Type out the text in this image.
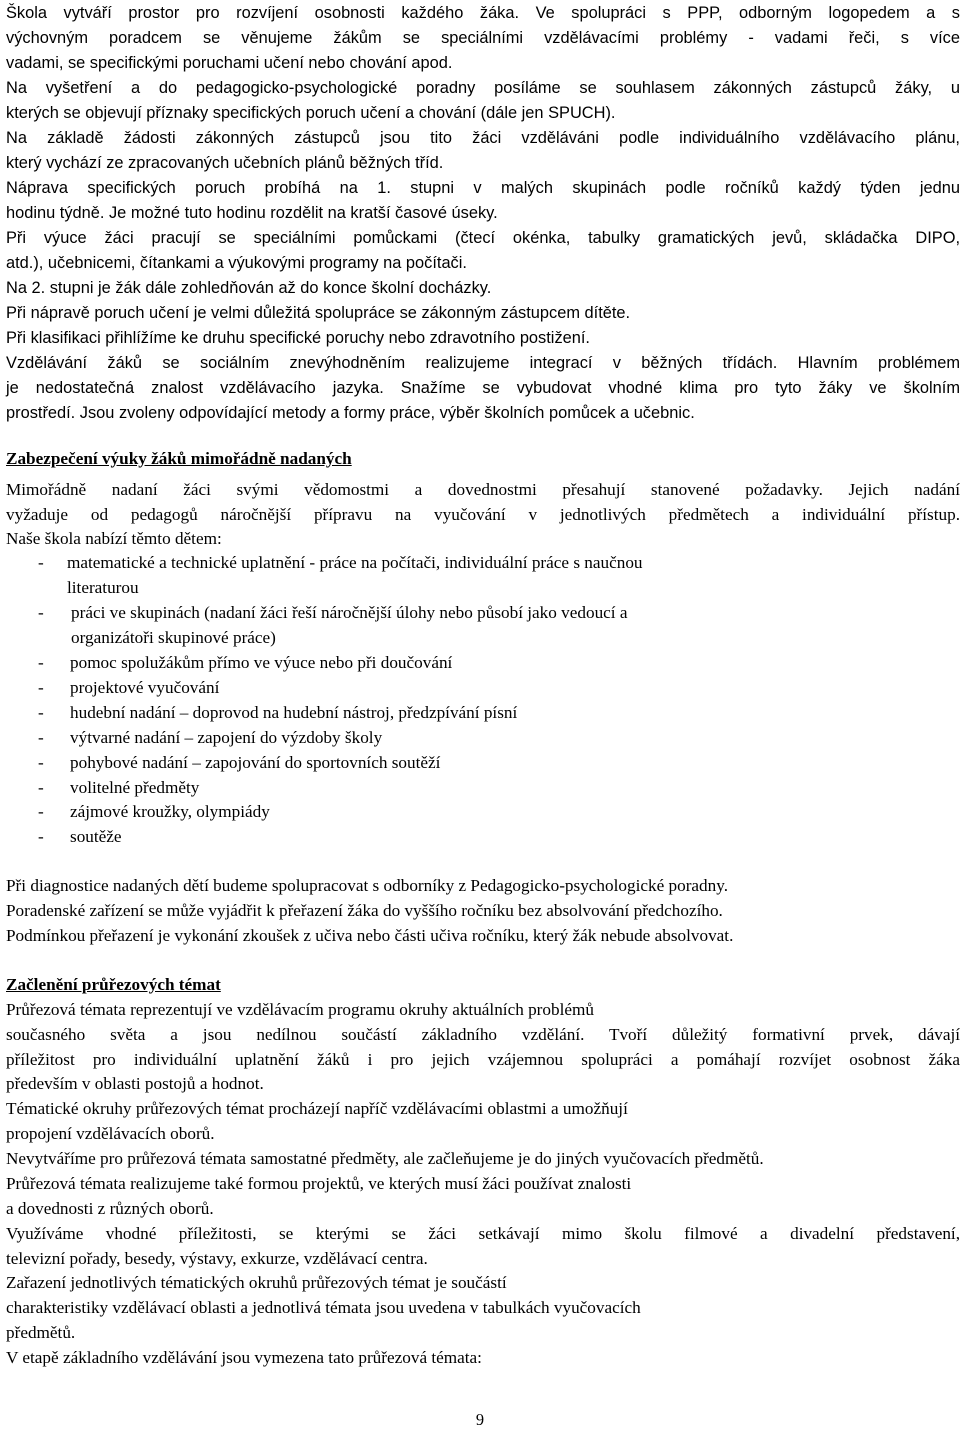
Škola vytváří prostor pro rozvíjení osobnosti každého žáka. Ve spolupráci s PPP, odborným logopedem a s
výchovným poradcem se věnujeme žákům se speciálními vzdělávacími problémy - vadami řeči, s více
vadami, se specifickými poruchami učení nebo chování apod.
Na vyšetření a do pedagogicko-psychologické poradny posíláme se souhlasem zákonných zástupců žáky, u
kterých se objevují příznaky specifických poruch učení a chování (dále jen SPUCH).
Na základě žádosti zákonných zástupců jsou tito žáci vzděláváni podle individuálního vzdělávacího plánu,
který vychází ze zpracovaných učebních plánů běžných tříd.
Náprava specifických poruch probíhá na 1. stupni v malých skupinách podle ročníků každý týden jednu
hodinu týdně. Je možné tuto hodinu rozdělit na kratší časové úseky.
Při výuce žáci pracují se speciálními pomůckami (čtecí okénka, tabulky gramatických jevů, skládačka DIPO,
atd.), učebnicemi, čítankami a výukovými programy na počítači.
Na 2. stupni je žák dále zohledňován až do konce školní docházky.
Při nápravě poruch učení je velmi důležitá spolupráce se zákonným zástupcem dítěte.
Při klasifikaci přihlížíme ke druhu specifické poruchy nebo zdravotního postižení.
Vzdělávání žáků se sociálním znevýhodněním realizujeme integrací v běžných třídách. Hlavním problémem
je nedostatečná znalost vzdělávacího jazyka. Snažíme se vybudovat vhodné klima pro tyto žáky ve školním
prostředí. Jsou zvoleny odpovídající metody a formy práce, výběr školních pomůcek a učebnic.
Zabezpečení výuky žáků mimořádně nadaných
Mimořádně nadaní žáci svými vědomostmi a dovednostmi přesahují stanovené požadavky. Jejich nadání
vyžaduje od pedagogů náročnější přípravu na vyučování v jednotlivých předmětech a individuální přístup.
Naše škola nabízí těmto dětem:
-	matematické a technické uplatnění - práce na počítači, individuální práce s naučnou
literaturou
-	práci ve skupinách (nadaní žáci řeší náročnější úlohy nebo působí jako vedoucí a
organizátoři skupinové práce)
-	pomoc spolužákům přímo ve výuce nebo při doučování
-	projektové vyučování
-	hudební nadání – doprovod na hudební nástroj, předzpívání písní
-	výtvarné nadání – zapojení do výzdoby školy
-	pohybové nadání – zapojování do sportovních soutěží
-	volitelné předměty
-	zájmové kroužky, olympiády
-	soutěže
Při diagnostice nadaných dětí budeme spolupracovat s odborníky z Pedagogicko-psychologické poradny.
Poradenské zařízení se může vyjádřit k přeřazení žáka do vyššího ročníku bez absolvování předchozího.
Podmínkou přeřazení je vykonání zkoušek z učiva nebo části učiva ročníku, který žák nebude absolvovat.
Začlenění průřezových témat
Průřezová témata reprezentují ve vzdělávacím programu okruhy aktuálních problémů
současného světa a jsou nedílnou součástí základního vzdělání. Tvoří důležitý formativní prvek, dávají
příležitost pro individuální uplatnění žáků i pro jejich vzájemnou spolupráci a pomáhají rozvíjet osobnost žáka
především v oblasti postojů a hodnot.
Tématické okruhy průřezových témat procházejí napříč vzdělávacími oblastmi a umožňují
propojení vzdělávacích oborů.
Nevytváříme pro průřezová témata samostatné předměty, ale začleňujeme je do jiných vyučovacích předmětů.
Průřezová témata realizujeme také formou projektů, ve kterých musí žáci používat znalosti
a dovednosti z různých oborů.
Využíváme vhodné příležitosti, se kterými se žáci setkávají mimo školu filmové a divadelní představení,
televizní pořady, besedy, výstavy, exkurze, vzdělávací centra.
Zařazení jednotlivých tématických okruhů průřezových témat je součástí
charakteristiky vzdělávací oblasti a jednotlivá témata jsou uvedena v tabulkách vyučovacích
předmětů.
V etapě základního vzdělávání jsou vymezena tato průřezová témata:
9
